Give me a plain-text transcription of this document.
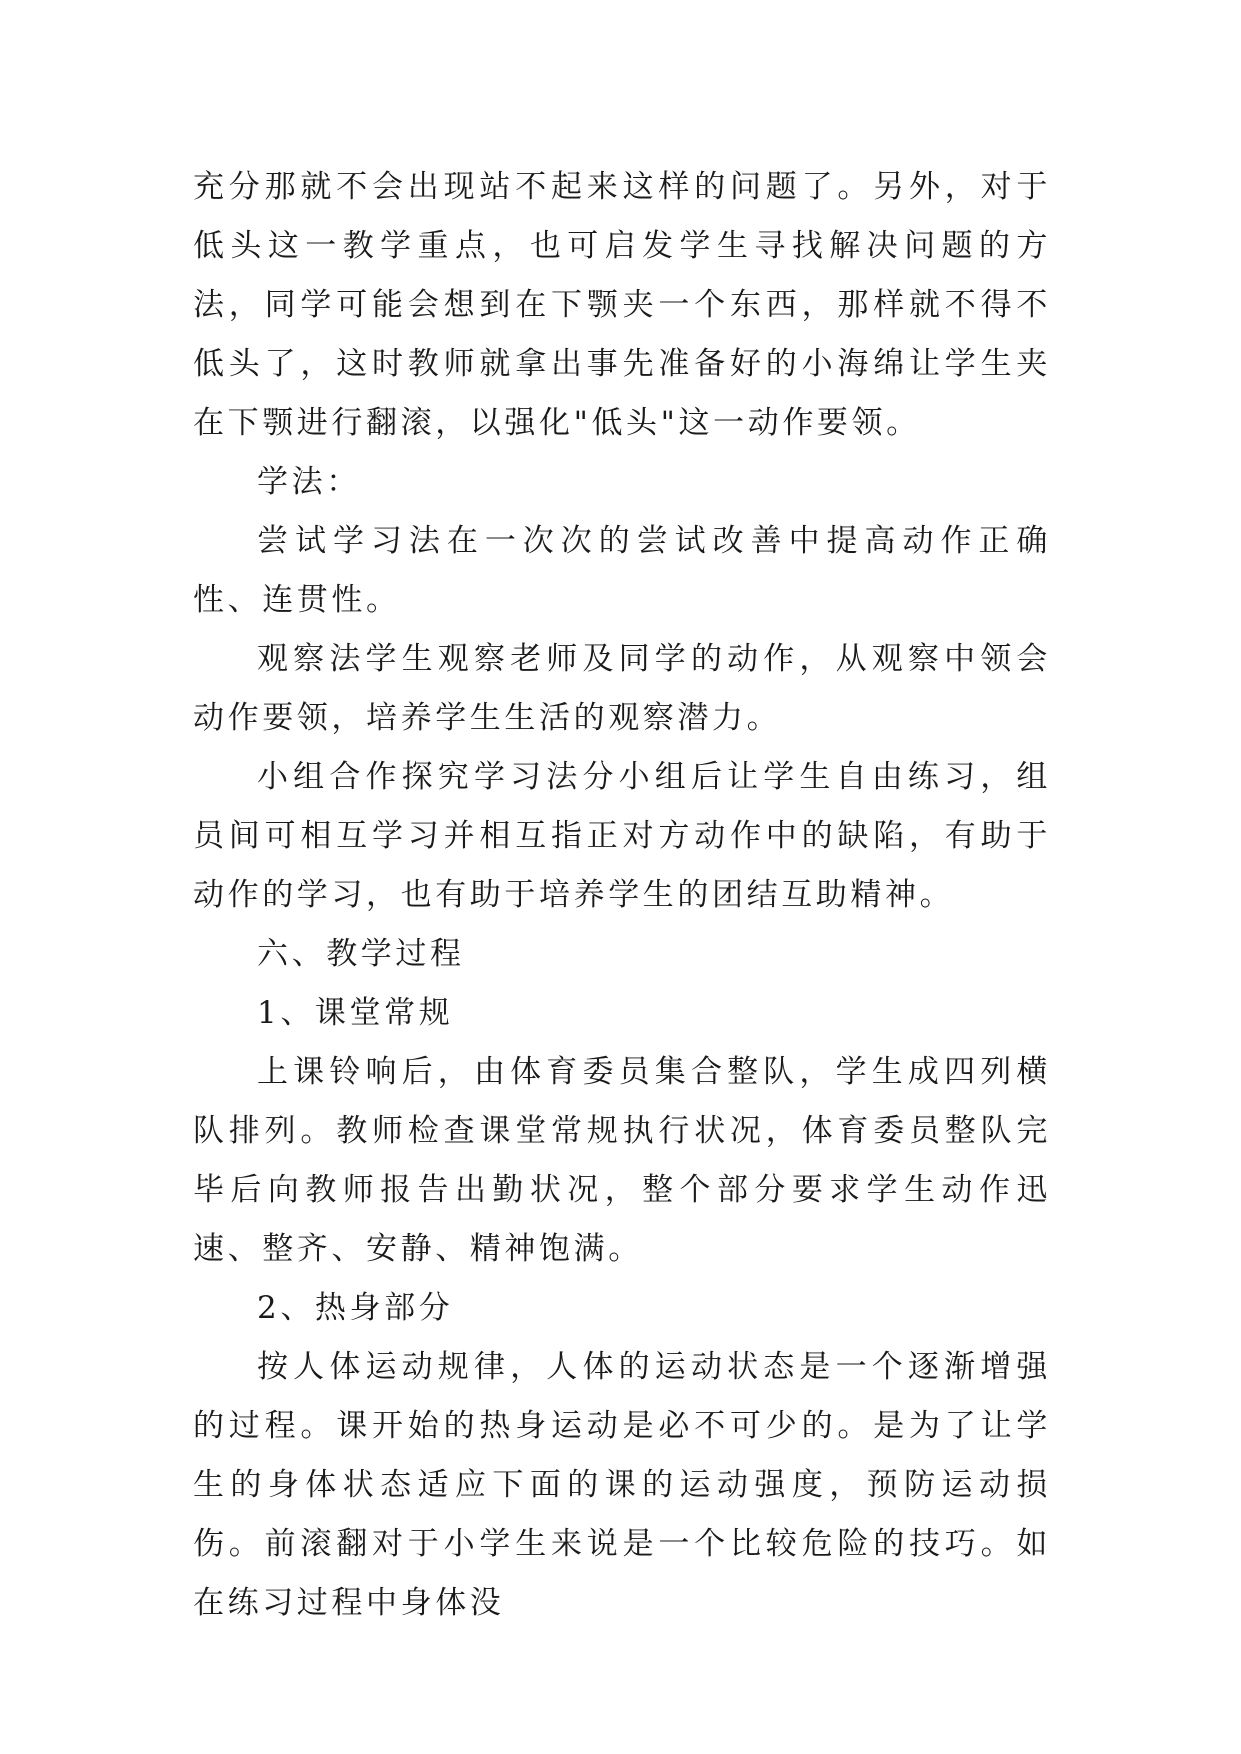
充分那就不会出现站不起来这样的问题了。另外，对于低头这一教学重点，也可启发学生寻找解决问题的方法，同学可能会想到在下颚夹一个东西，那样就不得不低头了，这时教师就拿出事先准备好的小海绵让学生夹在下颚进行翻滚，以强化"低头"这一动作要领。

学法：

尝试学习法在一次次的尝试改善中提高动作正确性、连贯性。

观察法学生观察老师及同学的动作，从观察中领会动作要领，培养学生生活的观察潜力。

小组合作探究学习法分小组后让学生自由练习，组员间可相互学习并相互指正对方动作中的缺陷，有助于动作的学习，也有助于培养学生的团结互助精神。

六、教学过程

1、课堂常规

上课铃响后，由体育委员集合整队，学生成四列横队排列。教师检查课堂常规执行状况，体育委员整队完毕后向教师报告出勤状况，整个部分要求学生动作迅速、整齐、安静、精神饱满。

2、热身部分

按人体运动规律，人体的运动状态是一个逐渐增强的过程。课开始的热身运动是必不可少的。是为了让学生的身体状态适应下面的课的运动强度，预防运动损伤。前滚翻对于小学生来说是一个比较危险的技巧。如在练习过程中身体没
